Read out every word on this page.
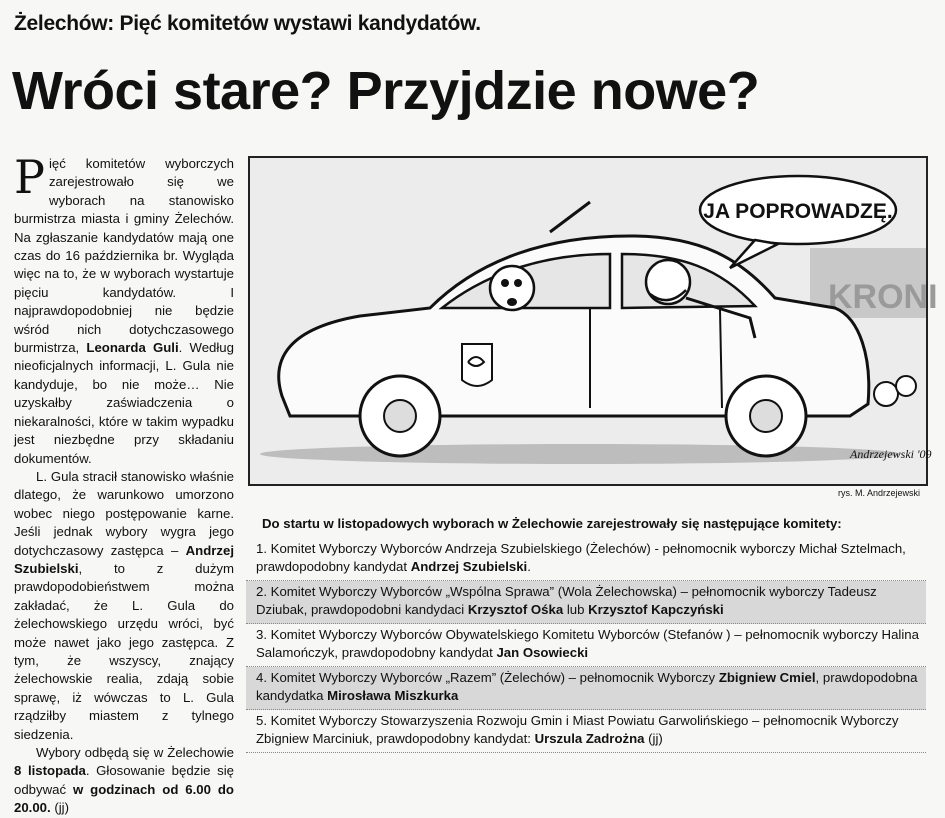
Żelechów: Pięć komitetów wystawi kandydatów.
Wróci stare? Przyjdzie nowe?

Pięć komitetów wyborczych zarejestrowało się we wyborach na stanowisko burmistrza miasta i gminy Żelechów. Na zgłaszanie kandydatów mają one czas do 16 października br. Wygląda więc na to, że w wyborach wystartuje pięciu kandydatów. I najprawdopodobniej nie będzie wśród nich dotychczasowego burmistrza, Leonarda Guli. Według nieoficjalnych informacji, L. Gula nie kandyduje, bo nie może… Nie uzyskałby zaświadczenia o niekaralności, które w takim wypadku jest niezbędne przy składaniu dokumentów.

L. Gula stracił stanowisko właśnie dlatego, że warunkowo umorzono wobec niego postępowanie karne. Jeśli jednak wybory wygra jego dotychczasowy zastępca – Andrzej Szubielski, to z dużym prawdopodobieństwem można zakładać, że L. Gula do żelechowskiego urzędu wróci, być może nawet jako jego zastępca. Z tym, że wszyscy, znający żelechowskie realia, zdają sobie sprawę, iż wówczas to L. Gula rządziłby miastem z tylnego siedzenia.

Wybory odbędą się w Żelechowie 8 listopada. Głosowanie będzie się odbywać w godzinach od 6.00 do 20.00. (jj)

KRONI
JA POPROWADZĘ.
Andrzejewski '09
rys. M. Andrzejewski
Do startu w listopadowych wyborach w Żelechowie zarejestrowały się następujące komitety:
1. Komitet Wyborczy Wyborców Andrzeja Szubielskiego (Żelechów) - pełnomocnik wyborczy Michał Sztelmach, prawdopodobny kandydat Andrzej Szubielski.
2. Komitet Wyborczy Wyborców „Wspólna Sprawa” (Wola Żelechowska) – pełnomocnik wyborczy Tadeusz Dziubak, prawdopodobni kandydaci Krzysztof Ośka lub Krzysztof Kapczyński
3. Komitet Wyborczy Wyborców Obywatelskiego Komitetu Wyborców (Stefanów ) – pełnomocnik wyborczy Halina Salamończyk, prawdopodobny kandydat Jan Osowiecki
4. Komitet Wyborczy Wyborców „Razem” (Żelechów) – pełnomocnik Wyborczy Zbigniew Cmiel, prawdopodobna kandydatka Mirosława Miszkurka
5. Komitet Wyborczy Stowarzyszenia Rozwoju Gmin i Miast Powiatu Garwolińskiego – pełnomocnik Wyborczy Zbigniew Marciniuk, prawdopodobny kandydat: Urszula Zadrożna (jj)
